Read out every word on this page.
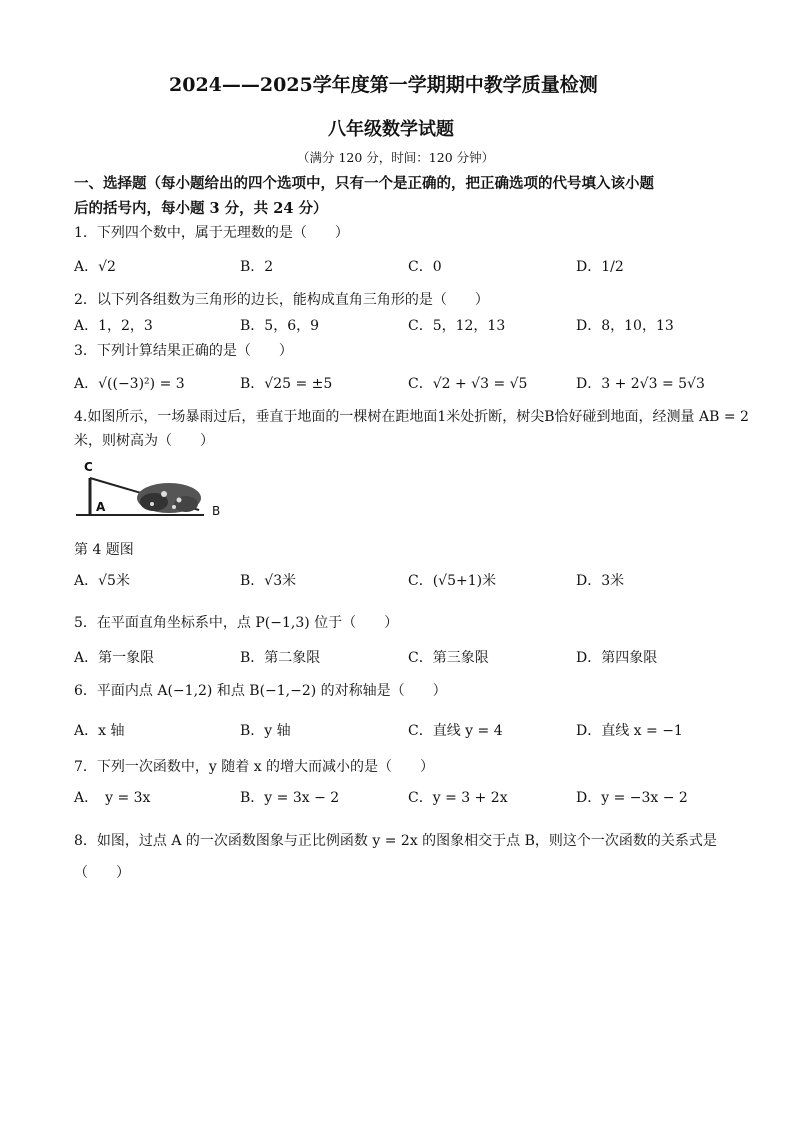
2024——2025学年度第一学期期中教学质量检测
八年级数学试题
（满分 120 分，时间：120 分钟）
一、选择题（每小题给出的四个选项中，只有一个是正确的，把正确选项的代号填入该小题
后的括号内，每小题 3 分，共 24 分）
1．下列四个数中，属于无理数的是（　　）
A．√2	B．2	C．0	D．1/2
2．以下列各组数为三角形的边长，能构成直角三角形的是（　　）
A．1，2，3	B．5，6，9	C．5，12，13	D．8，10，13
3．下列计算结果正确的是（　　）
A．√((−3)²) = 3	B．√25 = ±5	C．√2 + √3 = √5	D．3 + 2√3 = 5√3
4.如图所示，一场暴雨过后，垂直于地面的一棵树在距地面1米处折断，树尖B恰好碰到地面，经测量 AB = 2
米，则树高为（　　）
C
A	B
第 4 题图
A．√5米	B．√3米	C．(√5+1)米	D．3米
5．在平面直角坐标系中，点 P(−1,3) 位于（　　）
A．第一象限	B．第二象限	C．第三象限	D．第四象限
6．平面内点 A(−1,2) 和点 B(−1,−2) 的对称轴是（　　）
A．x 轴	B．y 轴	C．直线 y = 4	D．直线 x = −1
7．下列一次函数中，y 随着 x 的增大而减小的是（　　）
A．　y = 3x	B．y = 3x − 2	C．y = 3 + 2x	D．y = −3x − 2
8．如图，过点 A 的一次函数图象与正比例函数 y = 2x 的图象相交于点 B，则这个一次函数的关系式是
（　　）
